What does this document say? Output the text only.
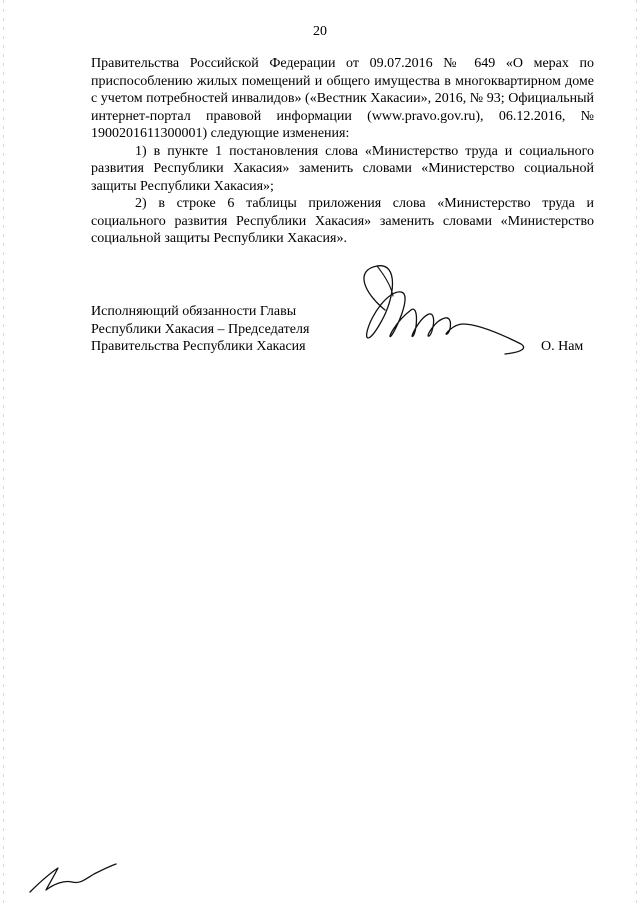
20

Правительства Российской Федерации от 09.07.2016 № 649 «О мерах по приспособлению жилых помещений и общего имущества в многоквартирном доме с учетом потребностей инвалидов» («Вестник Хакасии», 2016, № 93; Официальный интернет-портал правовой информации (www.pravo.gov.ru), 06.12.2016, № 1900201611300001) следующие изменения:

1) в пункте 1 постановления слова «Министерство труда и социального развития Республики Хакасия» заменить словами «Министерство социальной защиты Республики Хакасия»;

2) в строке 6 таблицы приложения слова «Министерство труда и социального развития Республики Хакасия» заменить словами «Министерство социальной защиты Республики Хакасия».

Исполняющий обязанности Главы
Республики Хакасия – Председателя
Правительства Республики Хакасия	О. Нам
